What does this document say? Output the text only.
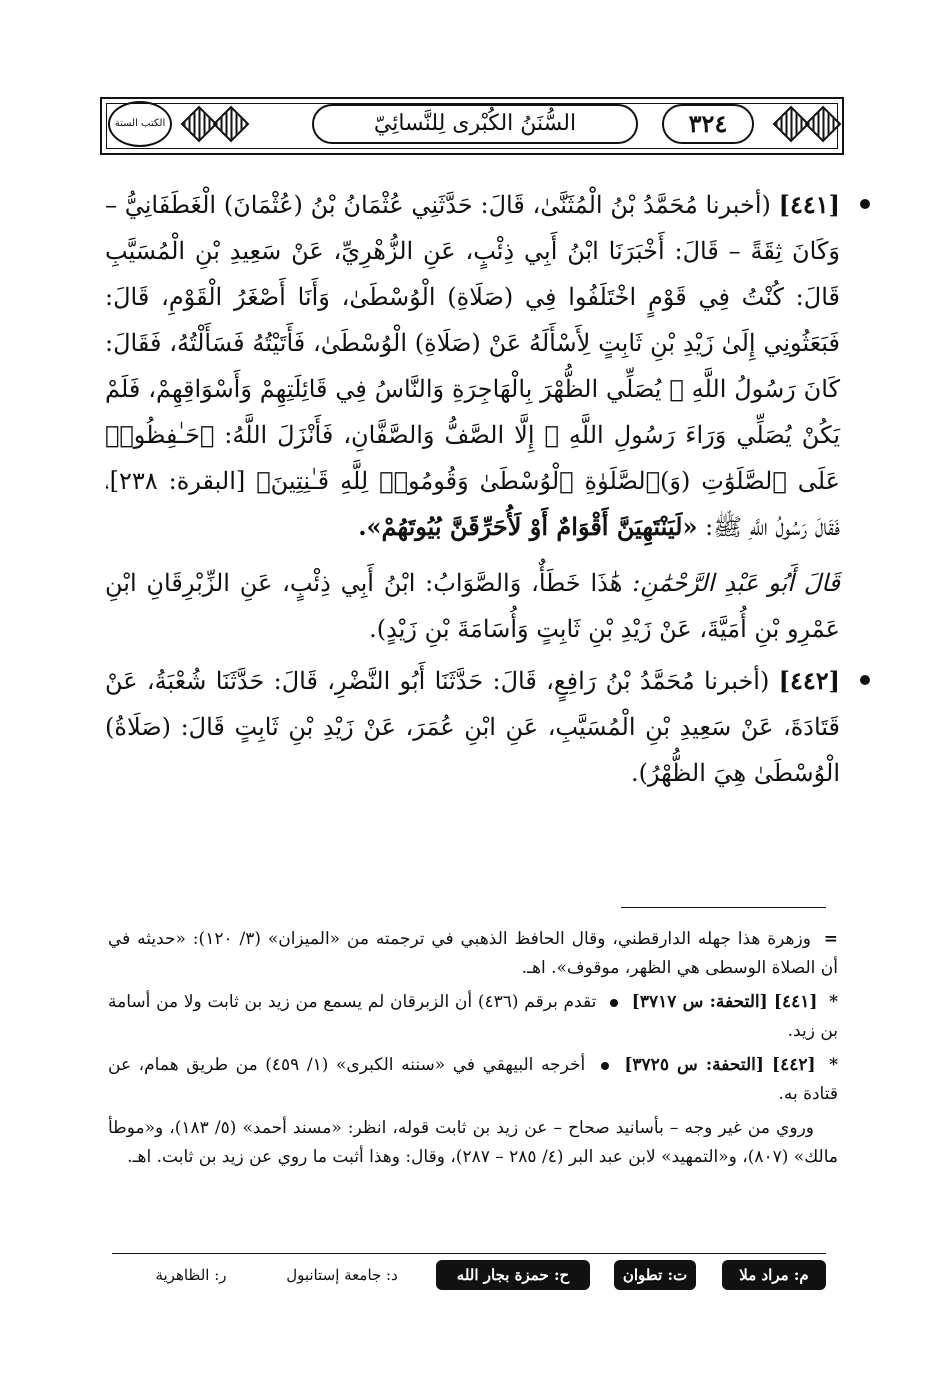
الكتب الستة	السُّنَنُ الكُبْرى لِلنَّسائِيّ	٣٢٤

[٤٤١] (أخبرنا مُحَمَّدُ بْنُ الْمُثَنَّىٰ، قَالَ: حَدَّثَنِي عُثْمَانُ بْنُ (عُثْمَانَ) الْغَطَفَانِيُّ – وَكَانَ ثِقَةً – قَالَ: أَخْبَرَنَا ابْنُ أَبِي ذِئْبٍ، عَنِ الزُّهْرِيِّ، عَنْ سَعِيدِ بْنِ الْمُسَيَّبِ قَالَ: كُنْتُ فِي قَوْمٍ اخْتَلَفُوا فِي (صَلَاةِ) الْوُسْطَىٰ، وَأَنَا أَصْغَرُ الْقَوْمِ، قَالَ: فَبَعَثُونِي إِلَىٰ زَيْدِ بْنِ ثَابِتٍ لِأَسْأَلَهُ عَنْ (صَلَاةِ) الْوُسْطَىٰ، فَأَتَيْتُهُ فَسَأَلْتُهُ، فَقَالَ: كَانَ رَسُولُ اللَّهِ ﷺ يُصَلِّي الظُّهْرَ بِالْهَاجِرَةِ وَالنَّاسُ فِي قَائِلَتِهِمْ وَأَسْوَاقِهِمْ، فَلَمْ يَكُنْ يُصَلِّي وَرَاءَ رَسُولِ اللَّهِ ﷺ إِلَّا الصَّفُّ وَالصَّفَّانِ، فَأَنْزَلَ اللَّهُ: ﴿حَـٰفِظُوا۟ عَلَى ٱلصَّلَوَٰتِ (وَ)ٱلصَّلَوٰةِ ٱلْوُسْطَىٰ وَقُومُوا۟ لِلَّهِ قَـٰنِتِينَ﴾ [البقرة: ٢٣٨]، فَقَالَ رَسُولُ اللَّهِ ﷺ: «لَيَنْتَهِيَنَّ أَقْوَامٌ أَوْ لَأُحَرِّقَنَّ بُيُوتَهُمْ».

قَالَ أَبُو عَبْدِ الرَّحْمَٰنِ: هَٰذَا خَطَأٌ، وَالصَّوَابُ: ابْنُ أَبِي ذِئْبٍ، عَنِ الزِّبْرِقَانِ ابْنِ عَمْرِو بْنِ أُمَيَّةَ، عَنْ زَيْدِ بْنِ ثَابِتٍ وَأُسَامَةَ بْنِ زَيْدٍ).

[٤٤٢] (أخبرنا مُحَمَّدُ بْنُ رَافِعٍ، قَالَ: حَدَّثَنَا أَبُو النَّضْرِ، قَالَ: حَدَّثَنَا شُعْبَةُ، عَنْ قَتَادَةَ، عَنْ سَعِيدِ بْنِ الْمُسَيَّبِ، عَنِ ابْنِ عُمَرَ، عَنْ زَيْدِ بْنِ ثَابِتٍ قَالَ: (صَلَاةُ) الْوُسْطَىٰ هِيَ الظُّهْرُ).

= وزهرة هذا جهله الدارقطني، وقال الحافظ الذهبي في ترجمته من «الميزان» (٣/ ١٢٠): «حديثه في أن الصلاة الوسطى هي الظهر، موقوف». اهـ.

* [٤٤١] [التحفة: س ٣٧١٧]  تقدم برقم (٤٣٦) أن الزبرقان لم يسمع من زيد بن ثابت ولا من أسامة بن زيد.

* [٤٤٢] [التحفة: س ٣٧٢٥]  أخرجه البيهقي في «سننه الكبرى» (١/ ٤٥٩) من طريق همام، عن قتادة به.

وروي من غير وجه – بأسانيد صحاح – عن زيد بن ثابت قوله، انظر: «مسند أحمد» (٥/ ١٨٣)، و«موطأ مالك» (٨٠٧)، و«التمهيد» لابن عبد البر (٤/ ٢٨٥ – ٢٨٧)، وقال: وهذا أثبت ما روي عن زيد بن ثابت. اهـ.

م: مراد ملا
ت: تطوان
ح: حمزة بجار الله
د: جامعة إستانبول
ر: الظاهرية
